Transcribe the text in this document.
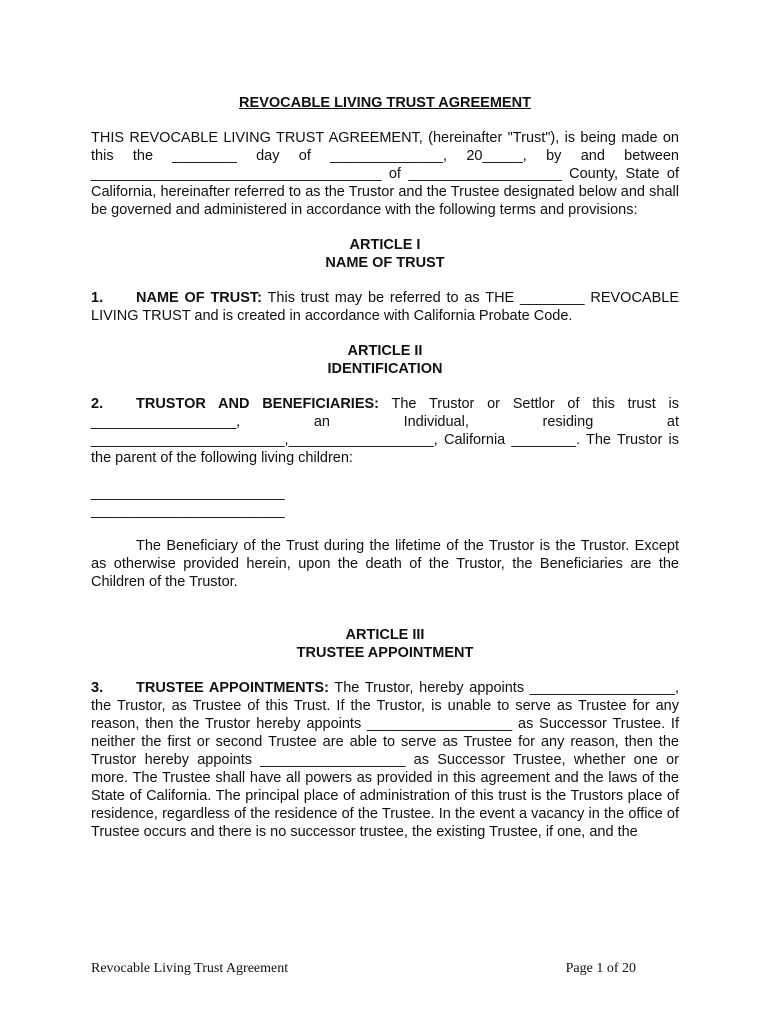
REVOCABLE LIVING TRUST AGREEMENT

THIS REVOCABLE LIVING TRUST AGREEMENT, (hereinafter "Trust"), is being made on this the ________ day of ______________, 20_____, by and between ____________________________________ of ___________________ County, State of California, hereinafter referred to as the Trustor and the Trustee designated below and shall be governed and administered in accordance with the following terms and provisions:

ARTICLE I

NAME OF TRUST

1. NAME OF TRUST: This trust may be referred to as THE ________ REVOCABLE LIVING TRUST and is created in accordance with California Probate Code.

ARTICLE II

IDENTIFICATION

2. TRUSTOR AND BENEFICIARIES: The Trustor or Settlor of this trust is __________________, an Individual, residing at ________________________,__________________, California ________. The Trustor is the parent of the following living children:

________________________
________________________

The Beneficiary of the Trust during the lifetime of the Trustor is the Trustor. Except as otherwise provided herein, upon the death of the Trustor, the Beneficiaries are the Children of the Trustor.

ARTICLE III

TRUSTEE APPOINTMENT

3. TRUSTEE APPOINTMENTS: The Trustor, hereby appoints __________________, the Trustor, as Trustee of this Trust. If the Trustor, is unable to serve as Trustee for any reason, then the Trustor hereby appoints __________________ as Successor Trustee. If neither the first or second Trustee are able to serve as Trustee for any reason, then the Trustor hereby appoints __________________ as Successor Trustee, whether one or more. The Trustee shall have all powers as provided in this agreement and the laws of the State of California. The principal place of administration of this trust is the Trustors place of residence, regardless of the residence of the Trustee. In the event a vacancy in the office of Trustee occurs and there is no successor trustee, the existing Trustee, if one, and the

Revocable Living Trust Agreement	Page 1 of 20
